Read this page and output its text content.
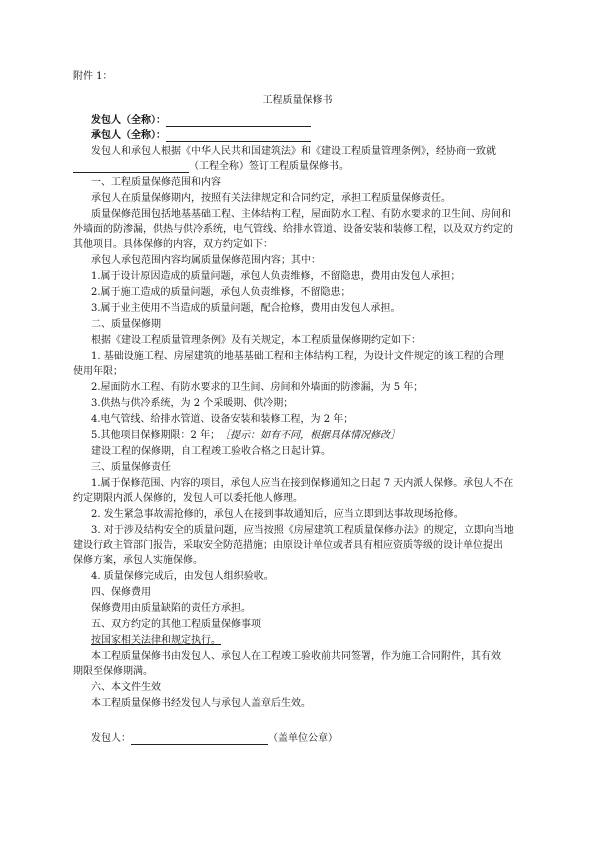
附件 1：
工程质量保修书
发包人（全称）：
承包人（全称）：
发包人和承包人根据《中华人民共和国建筑法》和《建设工程质量管理条例》，经协商一致就
（工程全称）签订工程质量保修书。
一、工程质量保修范围和内容
承包人在质量保修期内，按照有关法律规定和合同约定，承担工程质量保修责任。
质量保修范围包括地基基础工程、主体结构工程，屋面防水工程、有防水要求的卫生间、房间和
外墙面的防渗漏，供热与供冷系统，电气管线、给排水管道、设备安装和装修工程，以及双方约定的
其他项目。具体保修的内容，双方约定如下：
承包人承包范围内容均属质量保修范围内容；其中：
1.属于设计原因造成的质量问题，承包人负责维修，不留隐患，费用由发包人承担；
2.属于施工造成的质量问题，承包人负责维修，不留隐患；
3.属于业主使用不当造成的质量问题，配合抢修，费用由发包人承担。
二、质量保修期
根据《建设工程质量管理条例》及有关规定，本工程质量保修期约定如下：
1. 基础设施工程、房屋建筑的地基基础工程和主体结构工程，为设计文件规定的该工程的合理
使用年限；
2.屋面防水工程、有防水要求的卫生间、房间和外墙面的防渗漏，为 5 年；
3.供热与供冷系统，为 2 个采暖期、供冷期；
4.电气管线、给排水管道、设备安装和装修工程，为 2 年；
5.其他项目保修期限：2 年；［提示：如有不同，根据具体情况修改］
建设工程的保修期，自工程竣工验收合格之日起计算。
三、质量保修责任
1.属于保修范围、内容的项目，承包人应当在接到保修通知之日起 7 天内派人保修。承包人不在
约定期限内派人保修的，发包人可以委托他人修理。
2. 发生紧急事故需抢修的，承包人在接到事故通知后，应当立即到达事故现场抢修。
3. 对于涉及结构安全的质量问题，应当按照《房屋建筑工程质量保修办法》的规定，立即向当地
建设行政主管部门报告，采取安全防范措施；由原设计单位或者具有相应资质等级的设计单位提出
保修方案，承包人实施保修。
4. 质量保修完成后，由发包人组织验收。
四、保修费用
保修费用由质量缺陷的责任方承担。
五、双方约定的其他工程质量保修事项
按国家相关法律和规定执行。
本工程质量保修书由发包人、承包人在工程竣工验收前共同签署，作为施工合同附件，其有效
期限至保修期满。
六、本文件生效
本工程质量保修书经发包人与承包人盖章后生效。
发包人：	（盖单位公章）
